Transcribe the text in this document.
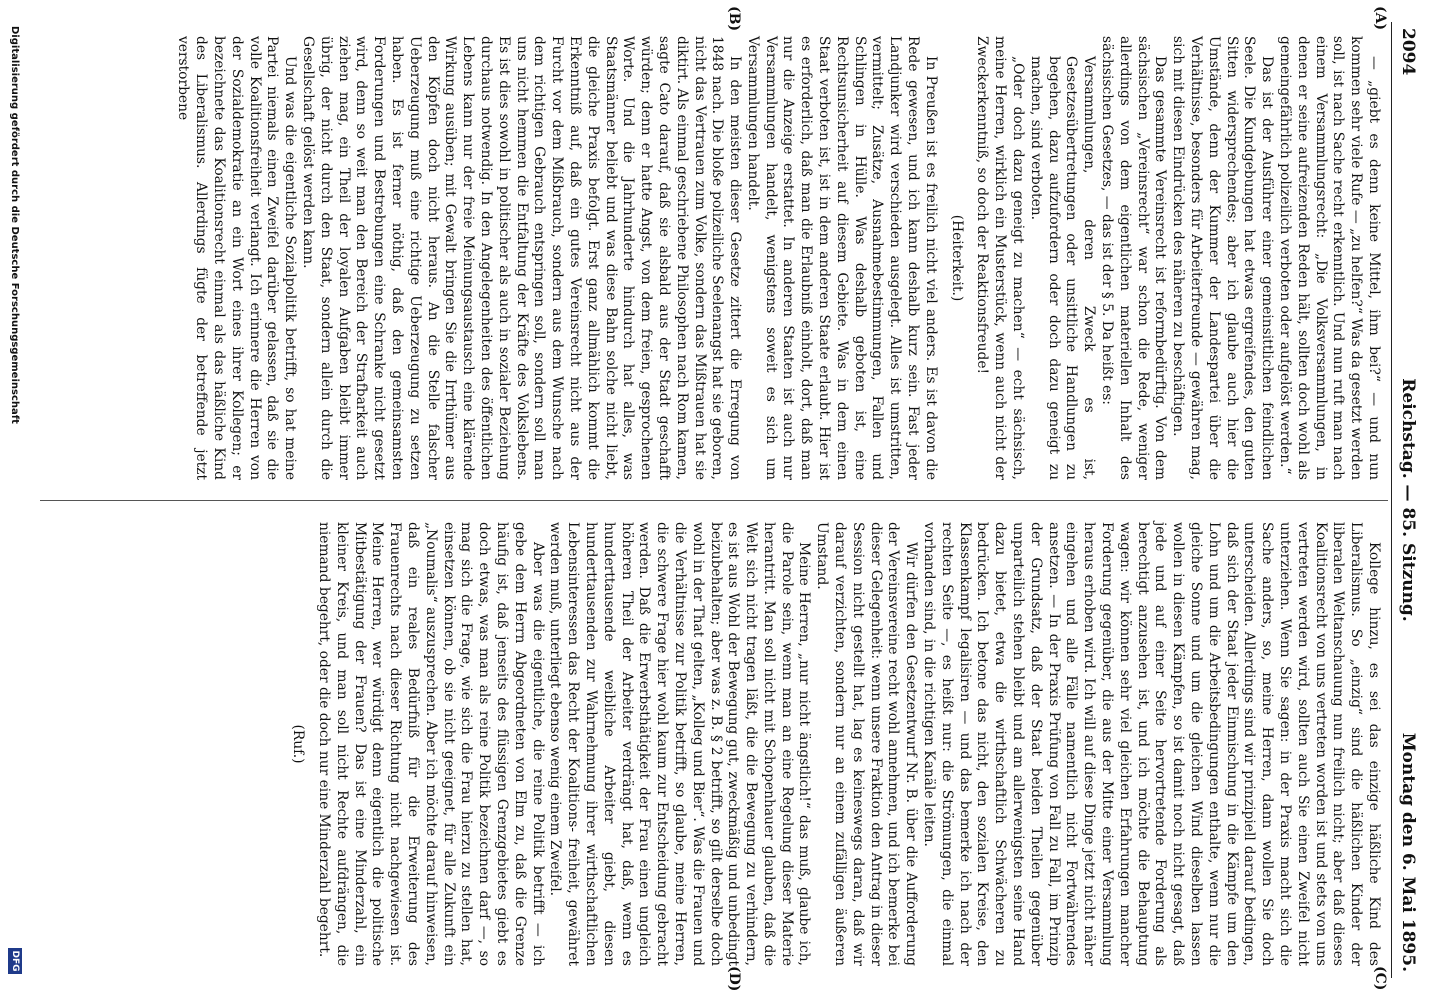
2094
Reichstag. — 85. Sitzung.
Montag den 6. Mai 1895.
(A)
(B)
(C)
(D)

— „giebt es denn keine Mittel, ihm bei?“ — und nun kommen sehr viele Rufe — „zu helfen?“ Was da gesetzt werden soll, ist nach Sache recht erkenntlich. Und nun ruft man nach einem Versammlungsrecht: „Die Volksversammlungen, in denen er seine aufreizenden Reden hält, sollten doch wohl als gemeingefährlich polizeilich verboten oder aufgelöst werden.“

Das ist der Ausführer einer gemeinsittlichen feindlichen Seele. Die Kundgebungen hat etwas ergreifendes, den guten Sitten widersprechendes; aber ich glaube auch hier die Umstände, denn der Kummer der Landespartei über die Verhältnisse, besonders für Arbeiterfreunde — gewähren mag, sich mit diesen Eindrücken des näheren zu beschäftigen.

Das gesammte Vereinsrecht ist reformbedürftig. Von dem sächsischen „Vereinsrecht“ war schon die Rede, weniger allerdings von dem eigentlichen materiellen Inhalt des sächsischen Gesetzes, — das ist der § 5. Da heißt es:

Versammlungen, deren Zweck es ist, Gesetzesübertretungen oder unsittliche Handlungen zu begehen, dazu aufzufordern oder doch dazu geneigt zu machen, sind verboten.

„Oder doch dazu geneigt zu machen“ — echt sächsisch, meine Herren, wirklich ein Musterstück, wenn auch nicht der Zweckerkenntniß, so doch der Reaktionsfreude!

(Heiterkeit.)

In Preußen ist es freilich nicht viel anders. Es ist davon die Rede gewesen, und ich kann deshalb kurz sein. Fast jeder Landjunker wird verschieden ausgelegt. Alles ist umstritten, vermittelt; Zusätze, Ausnahmebestimmungen, Fallen und Schlingen in Hülle. Was deshalb geboten ist, eine Rechtsunsicherheit auf diesem Gebiete. Was in dem einen Staat verboten ist, ist in dem anderen Staate erlaubt. Hier ist es erforderlich, daß man die Erlaubniß einholt, dort, daß man nur die Anzeige erstattet. In anderen Staaten ist auch nur Versammlungen handelt, wenigstens soweit es sich um Versammlungen handelt.

In den meisten dieser Gesetze zittert die Erregung von 1848 nach. Die bloße polizeiliche Seelenangst hat sie geboren, nicht das Vertrauen zum Volke, sondern das Mißtrauen hat sie diktirt. Als einmal geschriebene Philosophen nach Rom kamen, sagte Cato darauf, daß sie alsbald aus der Stadt geschafft würden; denn er hatte Angst, von dem freien, gesprochenen Worte. Und die Jahrhunderte hindurch hat alles, was Staatsmänner beliebt und was diese Bahn solche nicht liebt, die gleiche Praxis befolgt. Erst ganz allmählich kommt die Erkenntniß auf, daß ein gutes Vereinsrecht nicht aus der Furcht vor dem Mißbrauch, sondern aus dem Wunsche nach dem richtigen Gebrauch entspringen soll, sondern soll man uns nicht hemmen die Entfaltung der Kräfte des Volkslebens. Es ist dies sowohl in politischer als auch in sozialer Beziehung durchaus notwendig. In den Angelegenheiten des öffentlichen Lebens kann nur der freie Meinungsaustausch eine klärende Wirkung ausüben; mit Gewalt bringen Sie die Irrthümer aus den Köpfen doch nicht heraus. An die Stelle falscher Ueberzeugung muß eine richtige Ueberzeugung zu setzen haben. Es ist ferner nöthig, daß den gemeinsamsten Forderungen und Bestrebungen eine Schranke nicht gesetzt wird, denn so weit man den Bereich der Strafbarkeit auch ziehen mag, ein Theil der loyalen Aufgaben bleibt immer übrig, der nicht durch den Staat, sondern allein durch die Gesellschaft gelöst werden kann.

Und was die eigentliche Sozialpolitik betrifft, so hat meine Partei niemals einen Zweifel darüber gelassen, daß sie die volle Koalitionsfreiheit verlangt. Ich erinnere die Herren von der Sozialdemokratie an ein Wort eines ihrer Kollegen; er bezeichnete das Koalitionsrecht einmal als das häßliche Kind des Liberalismus. Allerdings fügte der betreffende jetzt verstorbene

Kollege hinzu, es sei das einzige häßliche Kind des Liberalismus. So „einzig“ sind die häßlichen Kinder der liberalen Weltanschauung nun freilich nicht; aber daß dieses Koalitionsrecht von uns vertreten worden ist und stets von uns vertreten werden wird, sollten auch Sie einen Zweifel nicht unterziehen. Wenn Sie sagen: in der Praxis macht sich die Sache anders, so, meine Herren, dann wollen Sie doch unterscheiden. Allerdings sind wir prinzipiell darauf bedingen, daß sich der Staat jeder Einmischung in die Kämpfe um den Lohn und um die Arbeitsbedingungen enthalte, wenn nur die gleiche Sonne und um die gleichen Wind dieselben lassen wollen in diesen Kämpfen, so ist damit noch nicht gesagt, daß jede und auf einer Seite hervortretende Forderung als berechtigt anzusehen ist, und ich möchte die Behauptung wagen: wir können sehr viel gleichen Erfahrungen mancher Forderung gegenüber, die aus der Mitte einer Versammlung heraus erhoben wird. Ich will auf diese Dinge jetzt nicht näher eingehen und alle Fälle namentlich nicht Fortwährendes ansetzen. — In der Praxis Prüfung von Fall zu Fall, im Prinzip der Grundsatz, daß der Staat beiden Theilen gegenüber unparteilich stehen bleibt und am allerwenigsten seine Hand dazu bietet, etwa die wirthschaftlich Schwächeren zu bedrücken. Ich betone das nicht, den sozialen Kreise, den Klassenkampf legalisiren — und das bemerke ich nach der rechten Seite —, es heißt nur: die Strömungen, die einmal vorhanden sind, in die richtigen Kanäle leiten.

Wir dürfen den Gesetzentwurf Nr. B. über die Aufforderung der Vereinsvereine recht wohl annehmen, und ich bemerke bei dieser Gelegenheit: wenn unsere Fraktion den Antrag in dieser Session nicht gestellt hat, lag es keineswegs daran, daß wir darauf verzichten, sondern nur an einem zufälligen äußeren Umstand.

Meine Herren, „nur nicht ängstlich!“ das muß, glaube ich, die Parole sein, wenn man an eine Regelung dieser Materie herantritt. Man soll nicht mit Schopenhauer glauben, daß die Welt sich nicht tragen läßt, die die Bewegung zu verhindern, es ist aus Wohl der Bewegung gut, zweckmäßig und unbedingt beizubehalten; aber was z. B. § 2 betrifft, so gilt derselbe doch wohl in der That gelten, „Kolleg und Bier“. Was die Frauen und die Verhältnisse zur Politik betrifft, so glaube, meine Herren, die schwere Frage hier wohl kaum zur Entscheidung gebracht werden. Daß die Erwerbsthätigkeit der Frau einen ungleich höheren Theil der Arbeiter verdrängt hat, daß, wenn es hunderttausende weibliche Arbeiter giebt, diesen hunderttausenden zur Wahrnehmung ihrer wirthschaftlichen Lebensinteressen das Recht der Koalitions- freiheit, gewähret werden muß, unterliegt ebenso wenig einem Zweifel.

Aber was die eigentliche, die reine Politik betrifft — ich gebe dem Herrn Abgeordneten von Elm zu, daß die Grenze häufig ist, daß jenseits des flüssigen Grenzgebietes giebt es doch etwas, was man als reine Politik bezeichnen darf —, so mag sich die Frage, wie sich die Frau hierzu zu stellen hat, einsetzen können, ob sie nicht geeignet, für alle Zukunft ein „Noumalis“ auszusprechen. Aber ich möchte darauf hinweisen, daß ein reales Bedürfniß für die Erweiterung des Frauenrechts nach dieser Richtung nicht nachgewiesen ist. Meine Herren, wer würdigt denn eigentlich die politische Mitbestätigung der Frauen? Das ist eine Minderzahl, ein kleiner Kreis, und man soll nicht Rechte aufdrängen, die niemand begehrt, oder die doch nur eine Minderzahl begehrt.

(Ruf.)

Digitalisierung gefördert durch die Deutsche Forschungsgemeinschaft
DFG
